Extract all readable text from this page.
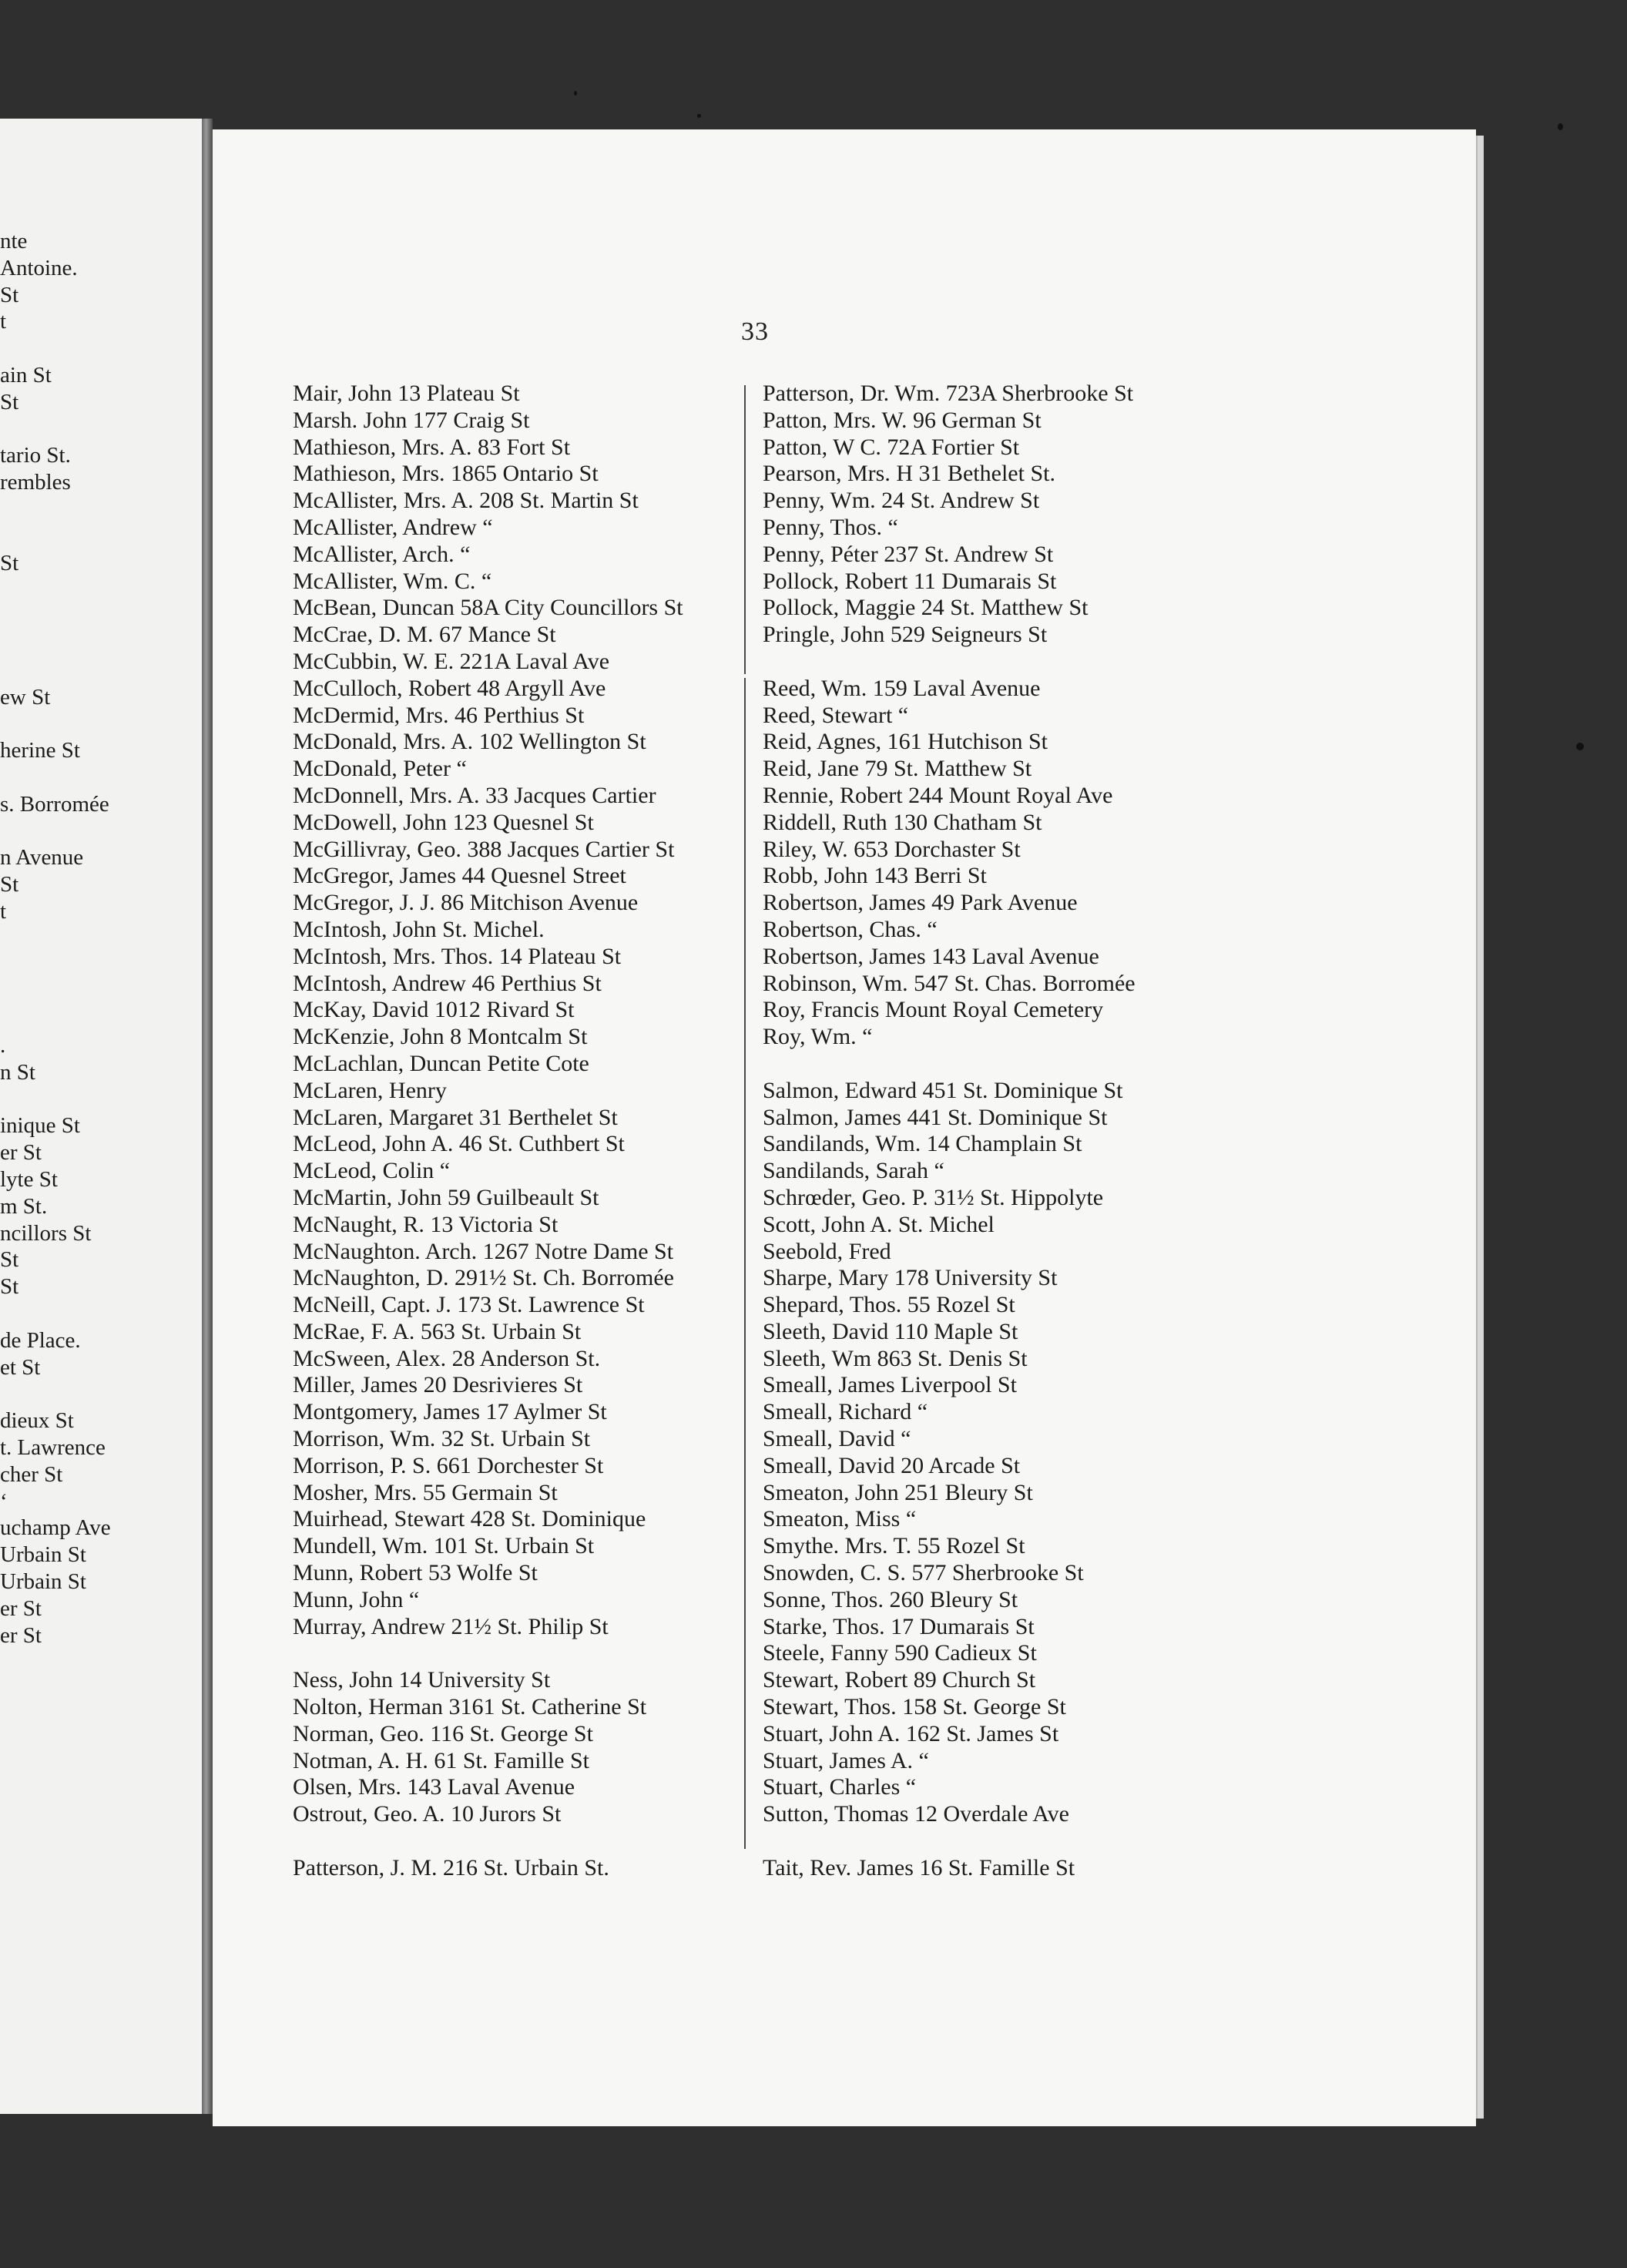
nte
Antoine.
St
t
ain St
St
tario St.
rembles
St
ew St
herine St
s. Borromée
n Avenue
St
t
.
n St
inique St
er St
lyte St
m St.
ncillors St
St
St
de Place.
et St
dieux St
t. Lawrence
cher St
‘
uchamp Ave
Urbain St
Urbain St
er St
er St
33
Mair, John 13 Plateau St
Marsh. John 177 Craig St
Mathieson, Mrs. A. 83 Fort St
Mathieson, Mrs. 1865 Ontario St
McAllister, Mrs. A. 208 St. Martin St
McAllister, Andrew “
McAllister, Arch. “
McAllister, Wm. C. “
McBean, Duncan 58A City Councillors St
McCrae, D. M. 67 Mance St
McCubbin, W. E. 221A Laval Ave
McCulloch, Robert 48 Argyll Ave
McDermid, Mrs. 46 Perthius St
McDonald, Mrs. A. 102 Wellington St
McDonald, Peter “
McDonnell, Mrs. A. 33 Jacques Cartier
McDowell, John 123 Quesnel St
McGillivray, Geo. 388 Jacques Cartier St
McGregor, James 44 Quesnel Street
McGregor, J. J. 86 Mitchison Avenue
McIntosh, John St. Michel.
McIntosh, Mrs. Thos. 14 Plateau St
McIntosh, Andrew 46 Perthius St
McKay, David 1012 Rivard St
McKenzie, John 8 Montcalm St
McLachlan, Duncan Petite Cote
McLaren, Henry
McLaren, Margaret 31 Berthelet St
McLeod, John A. 46 St. Cuthbert St
McLeod, Colin “
McMartin, John 59 Guilbeault St
McNaught, R. 13 Victoria St
McNaughton. Arch. 1267 Notre Dame St
McNaughton, D. 291½ St. Ch. Borromée
McNeill, Capt. J. 173 St. Lawrence St
McRae, F. A. 563 St. Urbain St
McSween, Alex. 28 Anderson St.
Miller, James 20 Desrivieres St
Montgomery, James 17 Aylmer St
Morrison, Wm. 32 St. Urbain St
Morrison, P. S. 661 Dorchester St
Mosher, Mrs. 55 Germain St
Muirhead, Stewart 428 St. Dominique
Mundell, Wm. 101 St. Urbain St
Munn, Robert 53 Wolfe St
Munn, John “
Murray, Andrew 21½ St. Philip St
Ness, John 14 University St
Nolton, Herman 3161 St. Catherine St
Norman, Geo. 116 St. George St
Notman, A. H. 61 St. Famille St
Olsen, Mrs. 143 Laval Avenue
Ostrout, Geo. A. 10 Jurors St
Patterson, J. M. 216 St. Urbain St.
Patterson, Dr. Wm. 723A Sherbrooke St
Patton, Mrs. W. 96 German St
Patton, W C. 72A Fortier St
Pearson, Mrs. H 31 Bethelet St.
Penny, Wm. 24 St. Andrew St
Penny, Thos. “
Penny, Péter 237 St. Andrew St
Pollock, Robert 11 Dumarais St
Pollock, Maggie 24 St. Matthew St
Pringle, John 529 Seigneurs St
Reed, Wm. 159 Laval Avenue
Reed, Stewart “
Reid, Agnes, 161 Hutchison St
Reid, Jane 79 St. Matthew St
Rennie, Robert 244 Mount Royal Ave
Riddell, Ruth 130 Chatham St
Riley, W. 653 Dorchaster St
Robb, John 143 Berri St
Robertson, James 49 Park Avenue
Robertson, Chas. “
Robertson, James 143 Laval Avenue
Robinson, Wm. 547 St. Chas. Borromée
Roy, Francis Mount Royal Cemetery
Roy, Wm. “
Salmon, Edward 451 St. Dominique St
Salmon, James 441 St. Dominique St
Sandilands, Wm. 14 Champlain St
Sandilands, Sarah “
Schrœder, Geo. P. 31½ St. Hippolyte
Scott, John A. St. Michel
Seebold, Fred
Sharpe, Mary 178 University St
Shepard, Thos. 55 Rozel St
Sleeth, David 110 Maple St
Sleeth, Wm 863 St. Denis St
Smeall, James Liverpool St
Smeall, Richard “
Smeall, David “
Smeall, David 20 Arcade St
Smeaton, John 251 Bleury St
Smeaton, Miss “
Smythe. Mrs. T. 55 Rozel St
Snowden, C. S. 577 Sherbrooke St
Sonne, Thos. 260 Bleury St
Starke, Thos. 17 Dumarais St
Steele, Fanny 590 Cadieux St
Stewart, Robert 89 Church St
Stewart, Thos. 158 St. George St
Stuart, John A. 162 St. James St
Stuart, James A. “
Stuart, Charles “
Sutton, Thomas 12 Overdale Ave
Tait, Rev. James 16 St. Famille St
